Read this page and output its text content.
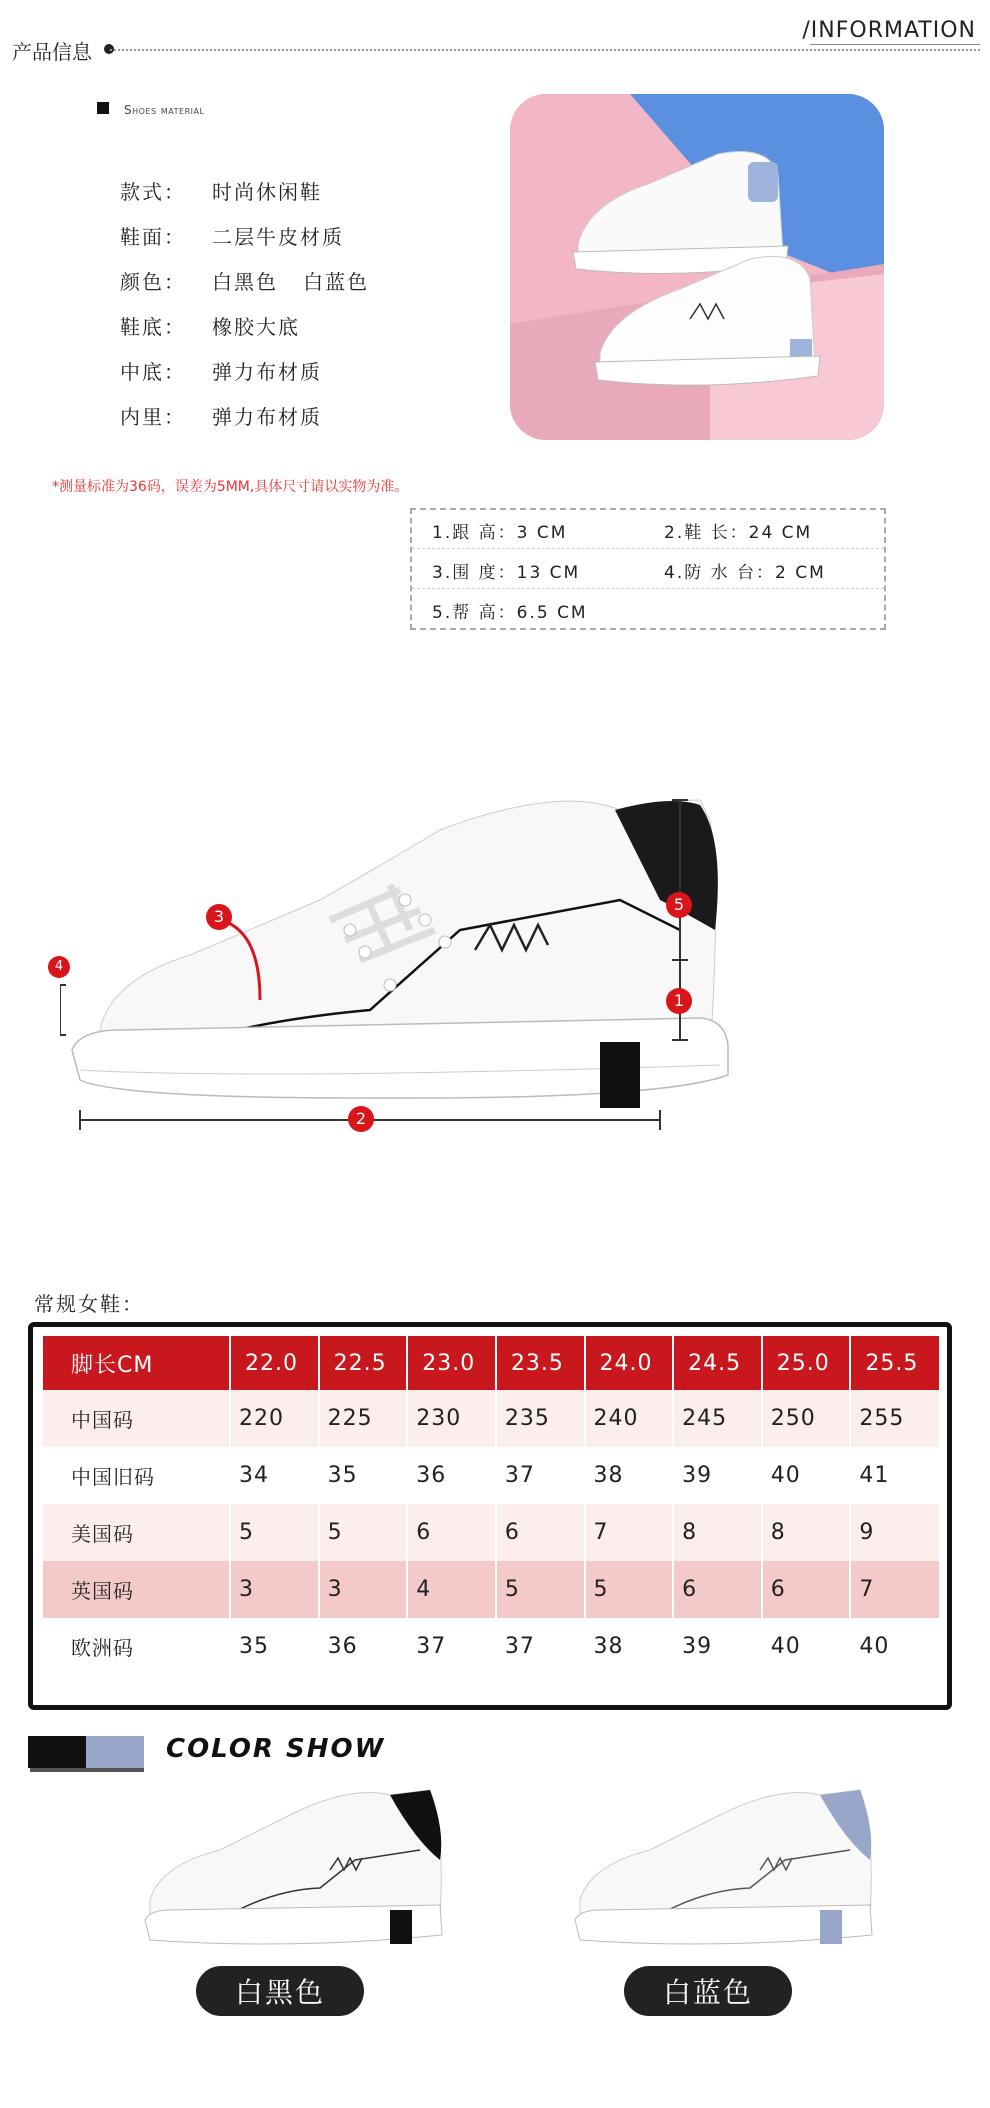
产品信息
/INFORMATION
Shoes material
款式： 时尚休闲鞋
鞋面： 二层牛皮材质
颜色： 白黑色   白蓝色
鞋底： 橡胶大底
中底： 弹力布材质
内里： 弹力布材质
*测量标准为36码，误差为5MM,具体尺寸请以实物为准。
1.跟 高：3 CM	2.鞋 长：24 CM
3.围 度：13 CM	4.防 水 台：2 CM
5.帮 高：6.5 CM
2
5
1
3
4
常规女鞋：
脚长CM	22.0	22.5	23.0	23.5	24.0	24.5	25.0	25.5
中国码	220	225	230	235	240	245	250	255
中国旧码	34	35	36	37	38	39	40	41
美国码	5	5	6	6	7	8	8	9
英国码	3	3	4	5	5	6	6	7
欧洲码	35	36	37	37	38	39	40	40
COLOR SHOW
白黑色	白蓝色
